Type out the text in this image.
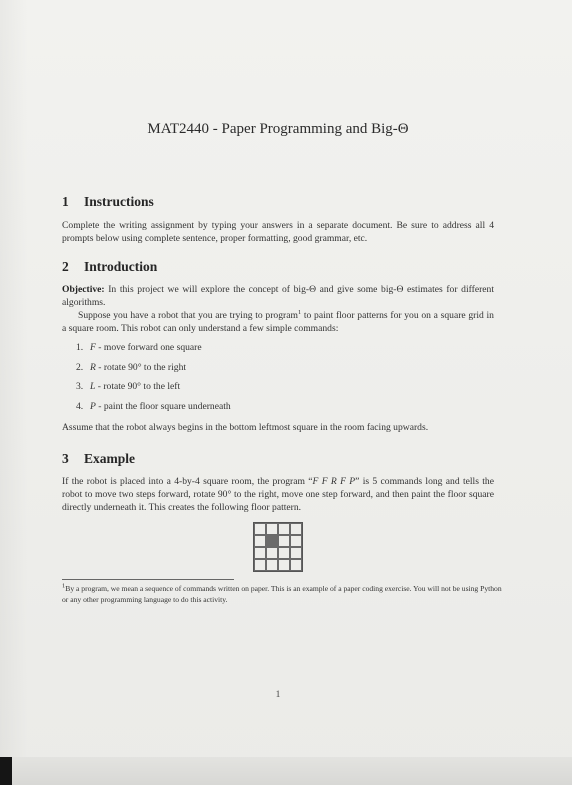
MAT2440 - Paper Programming and Big-Θ
1 Instructions
Complete the writing assignment by typing your answers in a separate document. Be sure to address all 4 prompts below using complete sentence, proper formatting, good grammar, etc.
2 Introduction
Objective: In this project we will explore the concept of big-Θ and give some big-Θ estimates for different algorithms.
Suppose you have a robot that you are trying to program$^1$ to paint floor patterns for you on a square grid in a square room. This robot can only understand a few simple commands:
1. F - move forward one square
2. R - rotate 90° to the right
3. L - rotate 90° to the left
4. P - paint the floor square underneath
Assume that the robot always begins in the bottom leftmost square in the room facing upwards.
3 Example
If the robot is placed into a 4-by-4 square room, the program “F F R F P” is 5 commands long and tells the robot to move two steps forward, rotate 90° to the right, move one step forward, and then paint the floor square directly underneath it. This creates the following floor pattern.
$^1$By a program, we mean a sequence of commands written on paper. This is an example of a paper coding exercise. You will not be using Python or any other programming language to do this activity.
1
